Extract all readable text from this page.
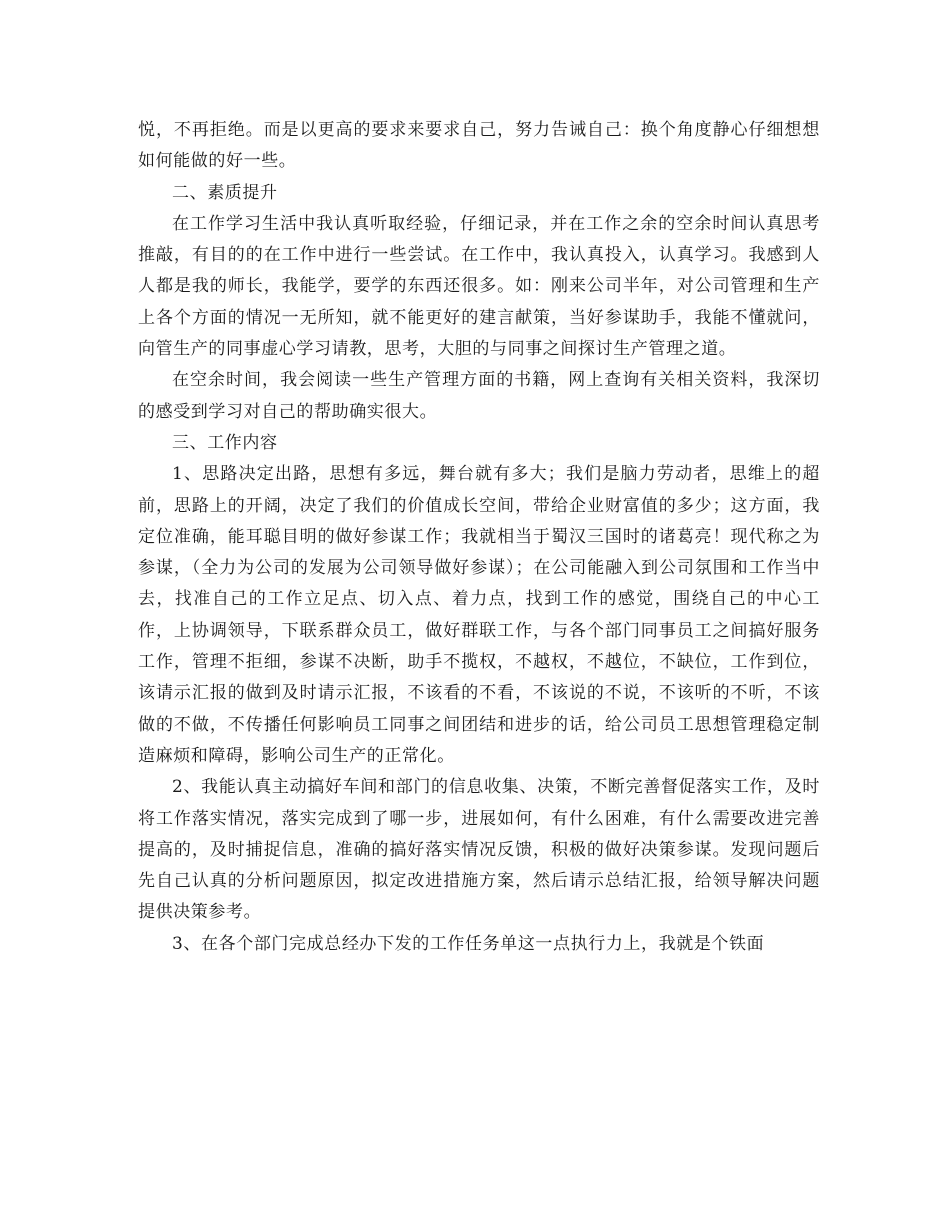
悦，不再拒绝。而是以更高的要求来要求自己，努力告诫自己：换个角度静心仔细想想如何能做的好一些。

二、素质提升

在工作学习生活中我认真听取经验，仔细记录，并在工作之余的空余时间认真思考推敲，有目的的在工作中进行一些尝试。在工作中，我认真投入，认真学习。我感到人人都是我的师长，我能学，要学的东西还很多。如：刚来公司半年，对公司管理和生产上各个方面的情况一无所知，就不能更好的建言献策，当好参谋助手，我能不懂就问，向管生产的同事虚心学习请教，思考，大胆的与同事之间探讨生产管理之道。

在空余时间，我会阅读一些生产管理方面的书籍，网上查询有关相关资料，我深切的感受到学习对自己的帮助确实很大。

三、工作内容

1、思路决定出路，思想有多远，舞台就有多大；我们是脑力劳动者，思维上的超前，思路上的开阔，决定了我们的价值成长空间，带给企业财富值的多少；这方面，我定位准确，能耳聪目明的做好参谋工作；我就相当于蜀汉三国时的诸葛亮！现代称之为参谋，（全力为公司的发展为公司领导做好参谋）；在公司能融入到公司氛围和工作当中去，找准自己的工作立足点、切入点、着力点，找到工作的感觉，围绕自己的中心工作，上协调领导，下联系群众员工，做好群联工作，与各个部门同事员工之间搞好服务工作，管理不拒细，参谋不决断，助手不揽权，不越权，不越位，不缺位，工作到位，该请示汇报的做到及时请示汇报，不该看的不看，不该说的不说，不该听的不听，不该做的不做，不传播任何影响员工同事之间团结和进步的话，给公司员工思想管理稳定制造麻烦和障碍，影响公司生产的正常化。

2、我能认真主动搞好车间和部门的信息收集、决策，不断完善督促落实工作，及时将工作落实情况，落实完成到了哪一步，进展如何，有什么困难，有什么需要改进完善提高的，及时捕捉信息，准确的搞好落实情况反馈，积极的做好决策参谋。发现问题后先自己认真的分析问题原因，拟定改进措施方案，然后请示总结汇报，给领导解决问题提供决策参考。

3、在各个部门完成总经办下发的工作任务单这一点执行力上，我就是个铁面
